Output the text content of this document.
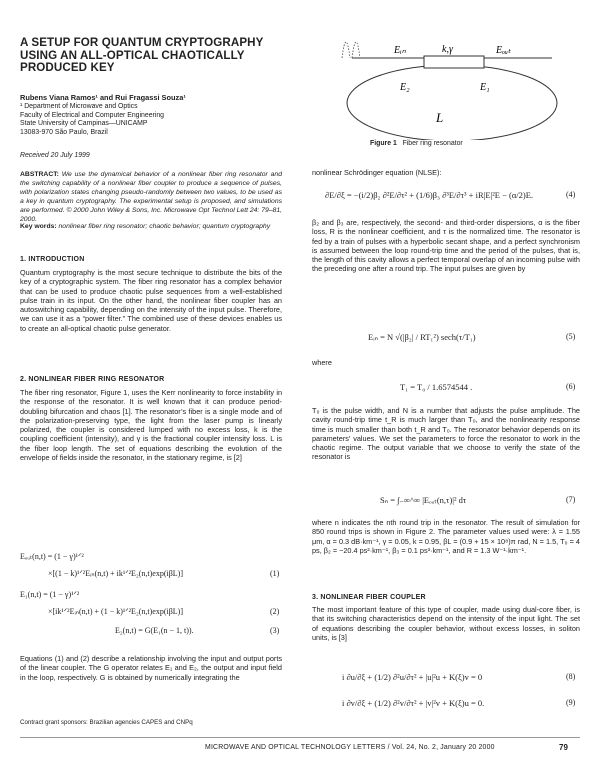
A SETUP FOR QUANTUM CRYPTOGRAPHY USING AN ALL-OPTICAL CHAOTICALLY PRODUCED KEY
Rubens Viana Ramos¹ and Rui Fragassi Souza¹
¹ Department of Microwave and Optics
Faculty of Electrical and Computer Engineering
State University of Campinas—UNICAMP
13083-970 São Paulo, Brazil
Received 20 July 1999
ABSTRACT: We use the dynamical behavior of a nonlinear fiber ring resonator and the switching capability of a nonlinear fiber coupler to produce a sequence of pulses, with polarization states changing pseudo-randomly between two values, to be used as a key in quantum cryptography. The experimental setup is proposed, and simulations are performed. © 2000 John Wiley & Sons, Inc. Microwave Opt Technol Lett 24: 79–81, 2000.
Key words: nonlinear fiber ring resonator; chaotic behavior; quantum cryptography
1. INTRODUCTION

Quantum cryptography is the most secure technique to distribute the bits of the key of a cryptographic system. The fiber ring resonator has a complex behavior that can be used to produce chaotic pulse sequences from a well-established pulse train in its input. On the other hand, the nonlinear fiber coupler has an autoswitching capability, depending on the intensity of the input pulse. Therefore, we can use it as a “power filter.” The combined use of these devices enables us to create an all-optical chaotic pulse generator.

2. NONLINEAR FIBER RING RESONATOR

The fiber ring resonator, Figure 1, uses the Kerr nonlinearity to force instability in the response of the resonator. It is well known that it can produce period-doubling bifurcation and chaos [1]. The resonator’s fiber is a single mode and of the polarization-preserving type, the light from the laser pump is linearly polarized, the coupler is considered lumped with no excess loss, k is the coupling coefficient (intensity), and γ is the fractional coupler intensity loss. L is the fiber loop length. The set of equations describing the evolution of the envelope of fields inside the resonator, in the stationary regime, is [2]

Eₒᵤₜ(n,t) = (1 − γ)¹ᐟ²
×[(1 − k)¹ᐟ²Eᵢₙ(n,t) + ik¹ᐟ²E₂(n,t)exp(iβL)]	(1)
E₁(n,t) = (1 − γ)¹ᐟ²
×[ik¹ᐟ²Eᵢₙ(n,t) + (1 − k)¹ᐟ²E₂(n,t)exp(iβL)]	(2)
E₂(n,t) = G(E₁(n − 1, t)).	(3)

Equations (1) and (2) describe a relationship involving the input and output ports of the linear coupler. The G operator relates E₁ and E₂, the output and input field in the loop, respectively. G is obtained by numerically integrating the

Contract grant sponsors: Brazilian agencies CAPES and CNPq
Eᵢₙ	k,γ	Eₒᵤₜ
E₂	E₁
L
Figure 1 Fiber ring resonator

nonlinear Schrödinger equation (NLSE):

∂E/∂ξ = −(i/2)β₂ ∂²E/∂τ² + (1/6)β₃ ∂³E/∂τ³ + iR|E|²E − (α/2)E.	(4)

β₂ and β₃ are, respectively, the second- and third-order dispersions, α is the fiber loss, R is the nonlinear coefficient, and τ is the normalized time. The resonator is fed by a train of pulses with a hyperbolic secant shape, and a perfect synchronism is assumed between the loop round-trip time and the period of the pulses, that is, the length of this cavity allows a perfect temporal overlap of an incoming pulse with the preceding one after a round trip. The input pulses are given by

Eᵢₙ = N √(|β₂| / RT₁²) sech(τ/T₁)	(5)
where
T₁ = T₀ / 1.6574544 .	(6)

T₀ is the pulse width, and N is a number that adjusts the pulse amplitude. The cavity round-trip time t_R is much larger than T₀, and the nonlinearity response time is much smaller than both t_R and T₀. The resonator behavior depends on its parameters’ values. We set the parameters to force the resonator to work in the chaotic regime. The output variable that we choose to verify the state of the resonator is

Sₙ = ∫₋∞^∞ |Eₒᵤₜ(n,τ)|² dτ	(7)

where n indicates the nth round trip in the resonator. The result of simulation for 850 round trips is shown in Figure 2. The parameter values used were: λ = 1.55 μm, α = 0.3 dB·km⁻¹, γ = 0.05, k = 0.95, βL = (0.9 + 15 × 10⁸)π rad, N = 1.5, T₀ = 4 ps, β₂ = −20.4 ps²·km⁻¹, β₃ = 0.1 ps³·km⁻¹, and R = 1.3 W⁻¹·km⁻¹.

3. NONLINEAR FIBER COUPLER

The most important feature of this type of coupler, made using dual-core fiber, is that its switching characteristics depend on the intensity of the input light. The set of equations describing the coupler behavior, without excess losses, in soliton units, is [3]

i ∂u/∂ξ + (1/2) ∂²u/∂τ² + |u|²u + K(ξ)v = 0	(8)
i ∂v/∂ξ + (1/2) ∂²v/∂τ² + |v|²v + K(ξ)u = 0.	(9)
MICROWAVE AND OPTICAL TECHNOLOGY LETTERS / Vol. 24, No. 2, January 20 2000	79
